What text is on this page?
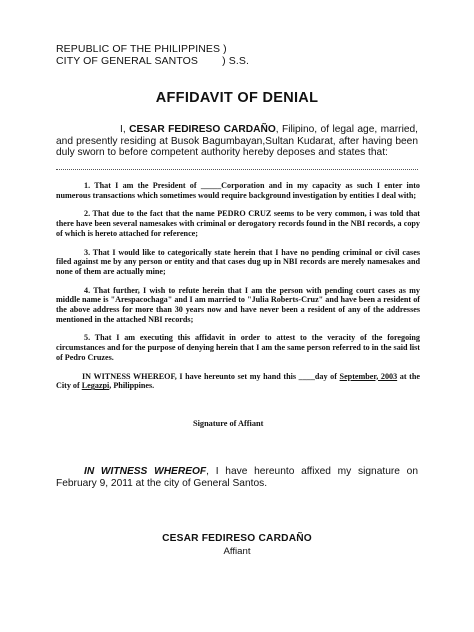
REPUBLIC OF THE PHILIPPINES )
CITY OF GENERAL SANTOS        ) S.S.
AFFIDAVIT OF DENIAL
I, CESAR FEDIRESO CARDAÑO, Filipino, of legal age, married, and presently residing at Busok Bagumbayan,Sultan Kudarat, after having been duly sworn to before competent authority hereby deposes and states that:

1. That I am the President of _____Corporation and in my capacity as such I enter into numerous transactions which sometimes would require background investigation by entities I deal with;

2. That due to the fact that the name PEDRO CRUZ seems to be very common, i was told that there have been several namesakes with criminal or derogatory records found in the NBI records, a copy of which is hereto attached for reference;

3. That I would like to categorically state herein that I have no pending criminal or civil cases filed against me by any person or entity and that cases dug up in NBI records are merely namesakes and none of them are actually mine;

4. That further, I wish to refute herein that I am the person with pending court cases as my middle name is "Arespacochaga" and I am married to "Julia Roberts-Cruz" and have been a resident of the above address for more than 30 years now and have never been a resident of any of the addresses mentioned in the attached NBI records;

5. That I am executing this affidavit in order to attest to the veracity of the foregoing circumstances and for the purpose of denying herein that I am the same person referred to in the said list of Pedro Cruzes.

IN WITNESS WHEREOF, I have hereunto set my hand this ____day of September, 2003 at the City of Legazpi, Philippines.

Signature of Affiant
IN WITNESS WHEREOF, I have hereunto affixed my signature on February 9, 2011 at the city of General Santos.
CESAR FEDIRESO CARDAÑO
Affiant
